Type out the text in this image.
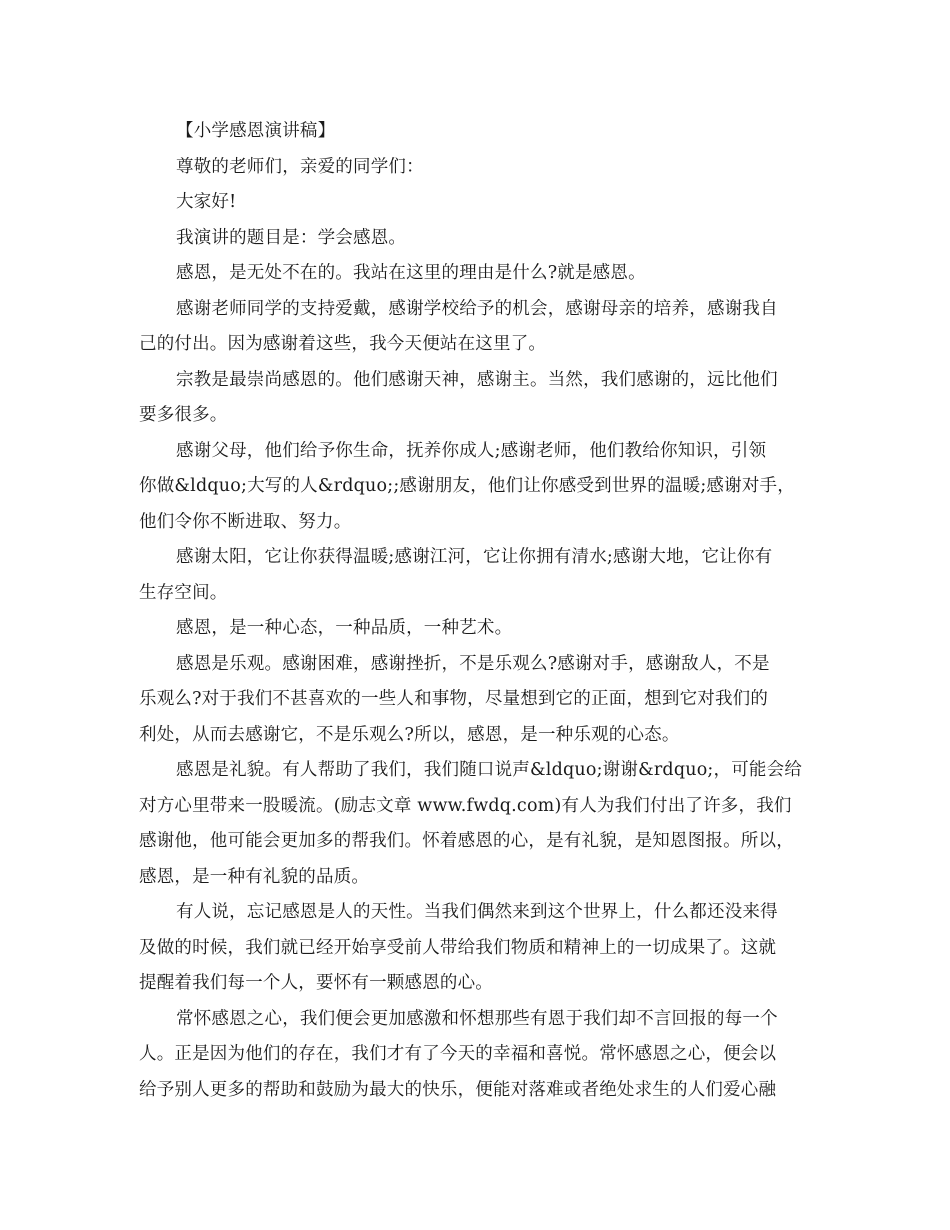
【小学感恩演讲稿】

尊敬的老师们，亲爱的同学们：

大家好!

我演讲的题目是：学会感恩。

感恩，是无处不在的。我站在这里的理由是什么?就是感恩。

感谢老师同学的支持爱戴，感谢学校给予的机会，感谢母亲的培养，感谢我自
己的付出。因为感谢着这些，我今天便站在这里了。

宗教是最崇尚感恩的。他们感谢天神，感谢主。当然，我们感谢的，远比他们
要多很多。

感谢父母，他们给予你生命，抚养你成人;感谢老师，他们教给你知识，引领
你做&ldquo;大写的人&rdquo;;感谢朋友，他们让你感受到世界的温暖;感谢对手，
他们令你不断进取、努力。

感谢太阳，它让你获得温暖;感谢江河，它让你拥有清水;感谢大地，它让你有
生存空间。

感恩，是一种心态，一种品质，一种艺术。

感恩是乐观。感谢困难，感谢挫折，不是乐观么?感谢对手，感谢敌人，不是
乐观么?对于我们不甚喜欢的一些人和事物，尽量想到它的正面，想到它对我们的
利处，从而去感谢它，不是乐观么?所以，感恩，是一种乐观的心态。

感恩是礼貌。有人帮助了我们，我们随口说声&ldquo;谢谢&rdquo;，可能会给
对方心里带来一股暖流。(励志文章 www.fwdq.com)有人为我们付出了许多，我们
感谢他，他可能会更加多的帮我们。怀着感恩的心，是有礼貌，是知恩图报。所以，
感恩，是一种有礼貌的品质。

有人说，忘记感恩是人的天性。当我们偶然来到这个世界上，什么都还没来得
及做的时候，我们就已经开始享受前人带给我们物质和精神上的一切成果了。这就
提醒着我们每一个人，要怀有一颗感恩的心。

常怀感恩之心，我们便会更加感激和怀想那些有恩于我们却不言回报的每一个
人。正是因为他们的存在，我们才有了今天的幸福和喜悦。常怀感恩之心，便会以
给予别人更多的帮助和鼓励为最大的快乐，便能对落难或者绝处求生的人们爱心融
